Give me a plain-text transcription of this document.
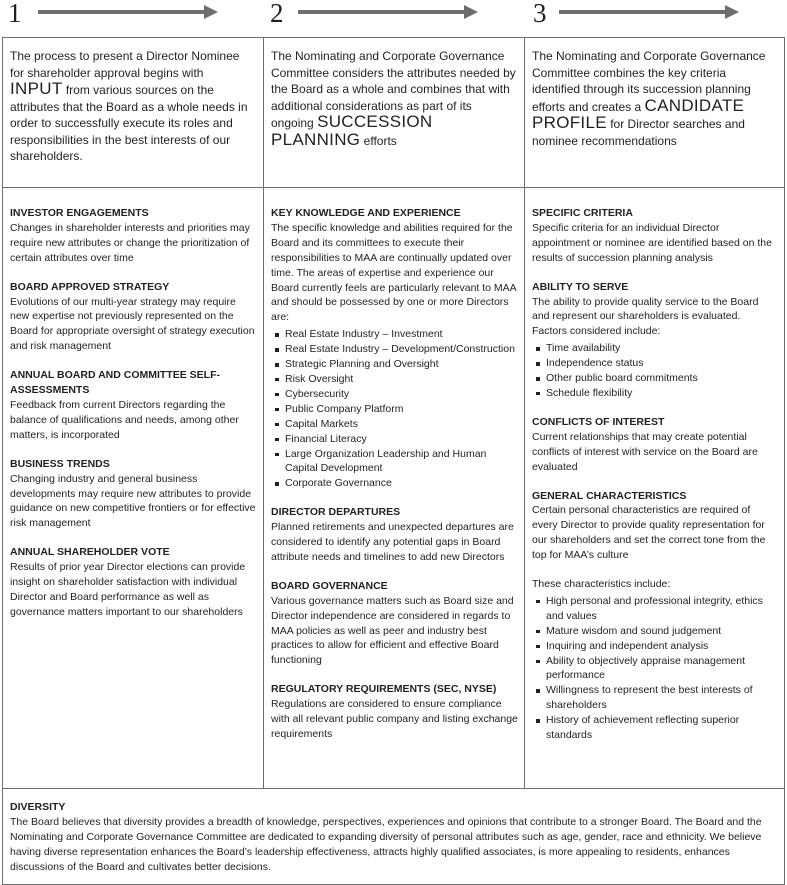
1	2	3
The process to present a Director Nominee for shareholder approval begins with INPUT from various sources on the attributes that the Board as a whole needs in order to successfully execute its roles and responsibilities in the best interests of our shareholders.
The Nominating and Corporate Governance Committee considers the attributes needed by the Board as a whole and combines that with additional considerations as part of its ongoing SUCCESSION PLANNING efforts
The Nominating and Corporate Governance Committee combines the key criteria identified through its succession planning efforts and creates a CANDIDATE PROFILE for Director searches and nominee recommendations
INVESTOR ENGAGEMENTS
Changes in shareholder interests and priorities may require new attributes or change the prioritization of certain attributes over time
BOARD APPROVED STRATEGY
Evolutions of our multi-year strategy may require new expertise not previously represented on the Board for appropriate oversight of strategy execution and risk management
ANNUAL BOARD AND COMMITTEE SELF-ASSESSMENTS
Feedback from current Directors regarding the balance of qualifications and needs, among other matters, is incorporated
BUSINESS TRENDS
Changing industry and general business developments may require new attributes to provide guidance on new competitive frontiers or for effective risk management
ANNUAL SHAREHOLDER VOTE
Results of prior year Director elections can provide insight on shareholder satisfaction with individual Director and Board performance as well as governance matters important to our shareholders
KEY KNOWLEDGE AND EXPERIENCE
The specific knowledge and abilities required for the Board and its committees to execute their responsibilities to MAA are continually updated over time. The areas of expertise and experience our Board currently feels are particularly relevant to MAA and should be possessed by one or more Directors are:
Real Estate Industry – Investment
Real Estate Industry – Development/Construction
Strategic Planning and Oversight
Risk Oversight
Cybersecurity
Public Company Platform
Capital Markets
Financial Literacy
Large Organization Leadership and Human Capital Development
Corporate Governance
DIRECTOR DEPARTURES
Planned retirements and unexpected departures are considered to identify any potential gaps in Board attribute needs and timelines to add new Directors
BOARD GOVERNANCE
Various governance matters such as Board size and Director independence are considered in regards to MAA policies as well as peer and industry best practices to allow for efficient and effective Board functioning
REGULATORY REQUIREMENTS (SEC, NYSE)
Regulations are considered to ensure compliance with all relevant public company and listing exchange requirements
SPECIFIC CRITERIA
Specific criteria for an individual Director appointment or nominee are identified based on the results of succession planning analysis
ABILITY TO SERVE
The ability to provide quality service to the Board and represent our shareholders is evaluated. Factors considered include:
Time availability
Independence status
Other public board commitments
Schedule flexibility
CONFLICTS OF INTEREST
Current relationships that may create potential conflicts of interest with service on the Board are evaluated
GENERAL CHARACTERISTICS
Certain personal characteristics are required of every Director to provide quality representation for our shareholders and set the correct tone from the top for MAA’s culture
These characteristics include:
High personal and professional integrity, ethics and values
Mature wisdom and sound judgement
Inquiring and independent analysis
Ability to objectively appraise management performance
Willingness to represent the best interests of shareholders
History of achievement reflecting superior standards
DIVERSITY
The Board believes that diversity provides a breadth of knowledge, perspectives, experiences and opinions that contribute to a stronger Board. The Board and the Nominating and Corporate Governance Committee are dedicated to expanding diversity of personal attributes such as age, gender, race and ethnicity. We believe having diverse representation enhances the Board’s leadership effectiveness, attracts highly qualified associates, is more appealing to residents, enhances discussions of the Board and cultivates better decisions.
